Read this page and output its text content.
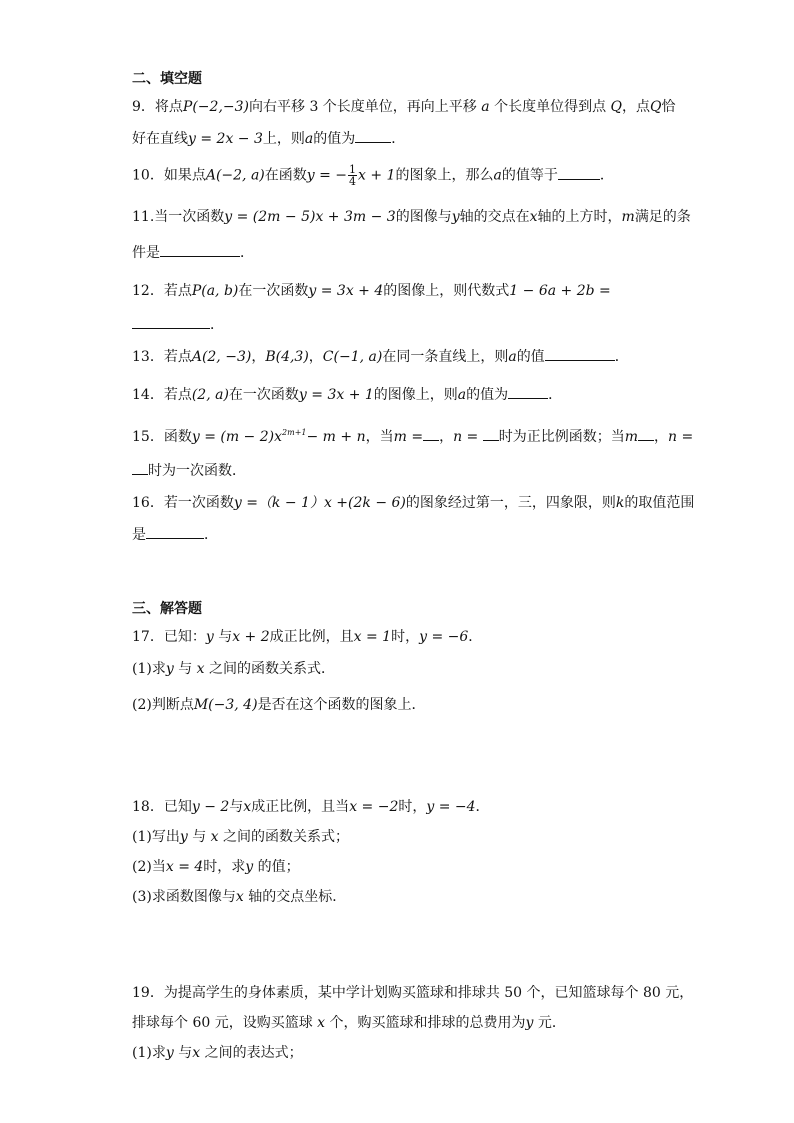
二、填空题
9．将点P(−2,−3)向右平移 3 个长度单位，再向上平移 a 个长度单位得到点 Q，点Q恰
好在直线y = 2x − 3上，则a的值为	．
10．如果点A(−2, a)在函数y = − $\frac{1}{4}$ x + 1的图象上，那么a的值等于	．
11.当一次函数y = (2m − 5)x + 3m − 3的图像与y轴的交点在x轴的上方时，m满足的条
件是	．
12．若点P(a, b)在一次函数y = 3x + 4的图像上，则代数式1 − 6a + 2b =
．
13．若点A(2, −3)，B(4,3)，C(−1, a)在同一条直线上，则a的值	．
14．若点(2, a)在一次函数y = 3x + 1的图像上，则a的值为	．
15．函数$y = (m - 2)x^{2m+1}- m + n$，当m = ，n = 时为正比例函数；当m ，n =
时为一次函数．
16．若一次函数y =（k − 1）x +(2k − 6)的图象经过第一，三，四象限，则k的取值范围
是	．
三、解答题
17．已知：y 与x + 2成正比例，且x = 1时，y = −6．
(1)求y 与 x 之间的函数关系式．
(2)判断点M(−3, 4)是否在这个函数的图象上．
18．已知y − 2与x成正比例，且当x = −2时，y = −4．
(1)写出y 与 x 之间的函数关系式；
(2)当x = 4时，求y 的值；
(3)求函数图像与x 轴的交点坐标．
19．为提高学生的身体素质，某中学计划购买篮球和排球共 50 个，已知篮球每个 80 元，
排球每个 60 元，设购买篮球 x 个，购买篮球和排球的总费用为y 元．
(1)求y 与x 之间的表达式；
